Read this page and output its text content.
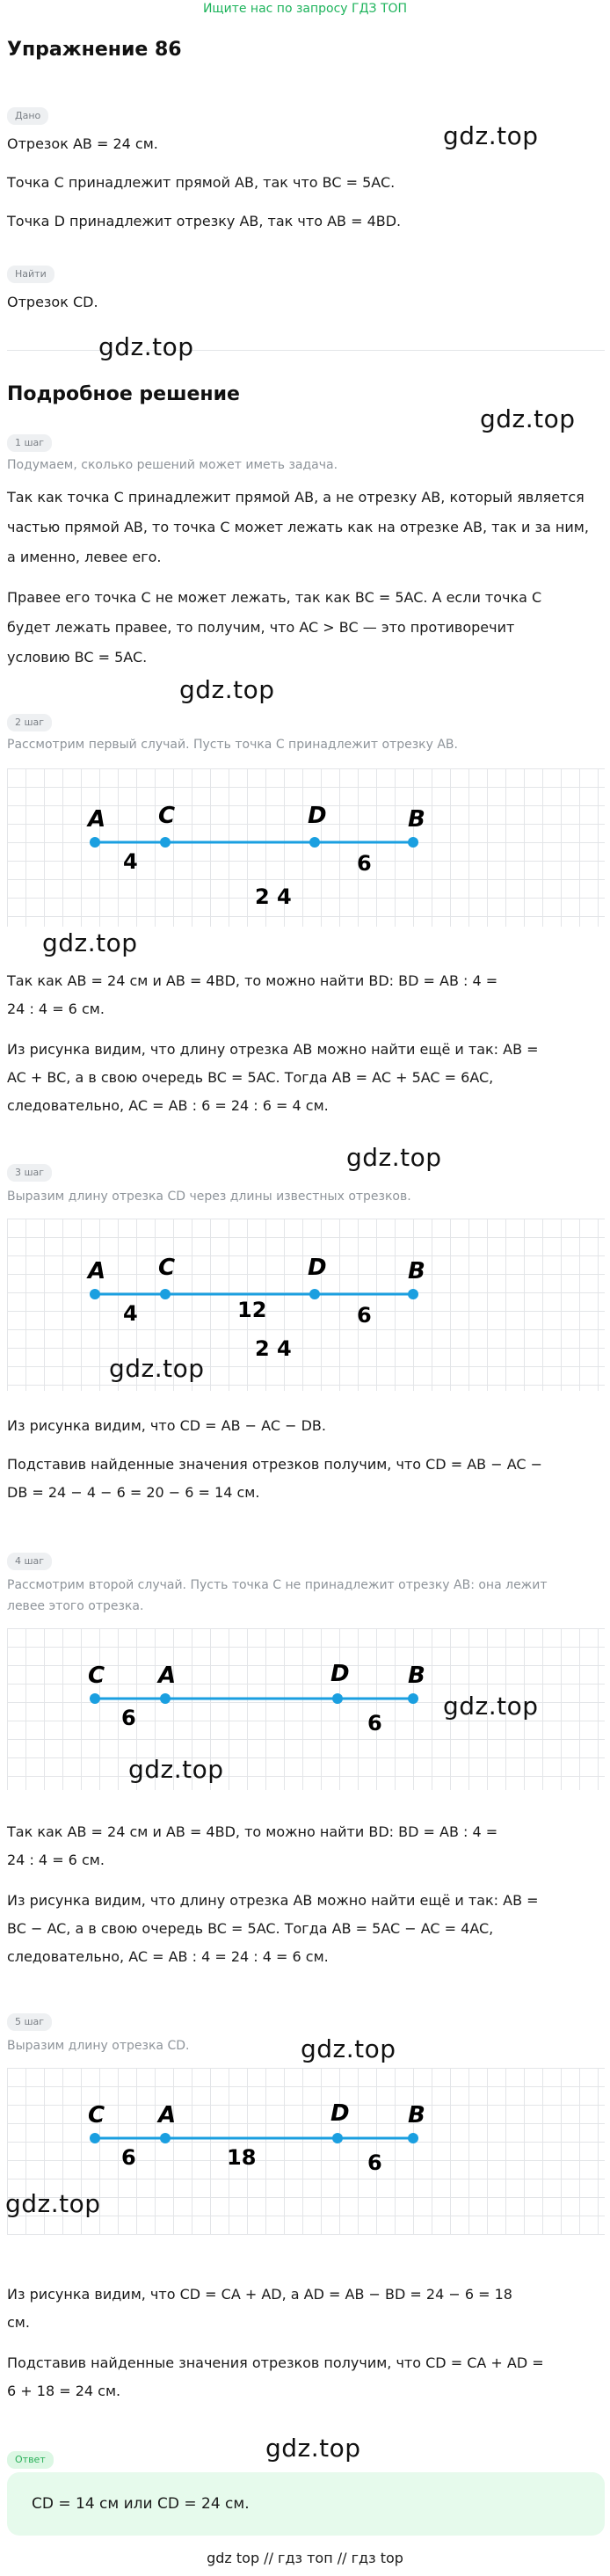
Ищите нас по запросу ГДЗ ТОП
Упражнение 86
Дано
Отрезок AB = 24 см.
Точка C принадлежит прямой AB, так что BC = 5AC.
Точка D принадлежит отрезку AB, так что AB = 4BD.
Найти
Отрезок CD.
Подробное решение
1 шаг
Подумаем, сколько решений может иметь задача.
Так как точка C принадлежит прямой AB, а не отрезку AB, который является
частью прямой AB, то точка C может лежать как на отрезке AB, так и за ним,
а именно, левее его.
Правее его точка C не может лежать, так как BC = 5AC. А если точка C
будет лежать правее, то получим, что AC > BC — это противоречит
условию BC = 5AC.
2 шаг
Рассмотрим первый случай. Пусть точка C принадлежит отрезку AB.
A C	D	B
4	6
2 4
Так как AB = 24 см и AB = 4BD, то можно найти BD: BD = AB : 4 =
24 : 4 = 6 см.
Из рисунка видим, что длину отрезка AB можно найти ещё и так: AB =
AC + BC, а в свою очередь BC = 5AC. Тогда AB = AC + 5AC = 6AC,
следовательно, AC = AB : 6 = 24 : 6 = 4 см.
3 шаг
Выразим длину отрезка CD через длины известных отрезков.
A C	D	B
4	12	6
2 4
Из рисунка видим, что CD = AB − AC − DB.
Подставив найденные значения отрезков получим, что CD = AB − AC −
DB = 24 − 4 − 6 = 20 − 6 = 14 см.
4 шаг
Рассмотрим второй случай. Пусть точка C не принадлежит отрезку AB: она лежит
левее этого отрезка.
C A	D	B
6	6
Так как AB = 24 см и AB = 4BD, то можно найти BD: BD = AB : 4 =
24 : 4 = 6 см.
Из рисунка видим, что длину отрезка AB можно найти ещё и так: AB =
BC − AC, а в свою очередь BC = 5AC. Тогда AB = 5AC − AC = 4AC,
следовательно, AC = AB : 4 = 24 : 4 = 6 см.
5 шаг
Выразим длину отрезка CD.
C A	D	B
6	18	6
Из рисунка видим, что CD = CA + AD, а AD = AB − BD = 24 − 6 = 18
см.
Подставив найденные значения отрезков получим, что CD = CA + AD =
6 + 18 = 24 см.
Ответ
CD = 14 см или CD = 24 см.
gdz top // гдз топ // гдз top
gdz.top
gdz.top
gdz.top
gdz.top
gdz.top
gdz.top
gdz.top
gdz.top
gdz.top
gdz.top
gdz.top
gdz.top
